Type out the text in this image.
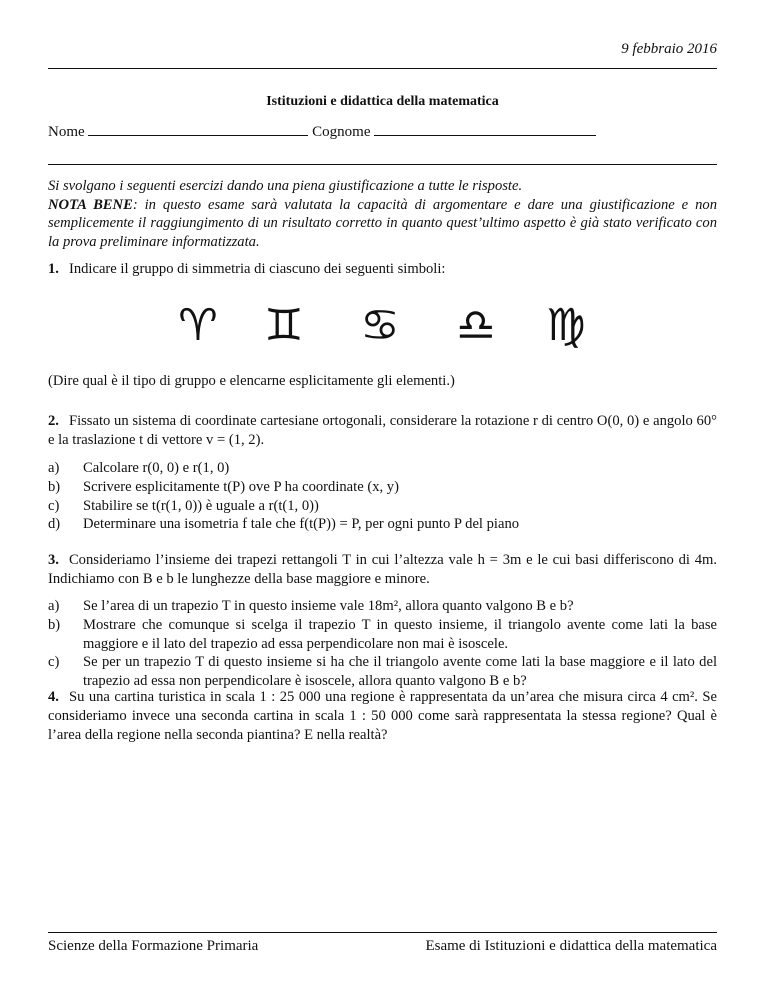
9 febbraio 2016
Istituzioni e didattica della matematica
Nome	Cognome
Si svolgano i seguenti esercizi dando una piena giustificazione a tutte le risposte.
NOTA BENE: in questo esame sarà valutata la capacità di argomentare e dare una giustificazione e non semplicemente il raggiungimento di un risultato corretto in quanto quest’ultimo aspetto è già stato verificato con la prova preliminare informatizzata.
1. Indicare il gruppo di simmetria di ciascuno dei seguenti simboli:
♈ ♊ ♋ ♎ ♍
(Dire qual è il tipo di gruppo e elencarne esplicitamente gli elementi.)
2. Fissato un sistema di coordinate cartesiane ortogonali, considerare la rotazione r di centro O(0, 0) e angolo 60° e la traslazione t di vettore v = (1, 2).
a) Calcolare r(0, 0) e r(1, 0)
b) Scrivere esplicitamente t(P) ove P ha coordinate (x, y)
c) Stabilire se t(r(1, 0)) è uguale a r(t(1, 0))
d) Determinare una isometria f tale che f(t(P)) = P, per ogni punto P del piano
3. Consideriamo l’insieme dei trapezi rettangoli T in cui l’altezza vale h = 3m e le cui basi differiscono di 4m. Indichiamo con B e b le lunghezze della base maggiore e minore.
a) Se l’area di un trapezio T in questo insieme vale 18m², allora quanto valgono B e b?
b) Mostrare che comunque si scelga il trapezio T in questo insieme, il triangolo avente come lati la base maggiore e il lato del trapezio ad essa perpendicolare non mai è isoscele.
c) Se per un trapezio T di questo insieme si ha che il triangolo avente come lati la base maggiore e il lato del trapezio ad essa non perpendicolare è isoscele, allora quanto valgono B e b?
4. Su una cartina turistica in scala 1 : 25 000 una regione è rappresentata da un’area che misura circa 4 cm². Se consideriamo invece una seconda cartina in scala 1 : 50 000 come sarà rappresentata la stessa regione? Qual è l’area della regione nella seconda piantina? E nella realtà?
Scienze della Formazione Primaria	Esame di Istituzioni e didattica della matematica
